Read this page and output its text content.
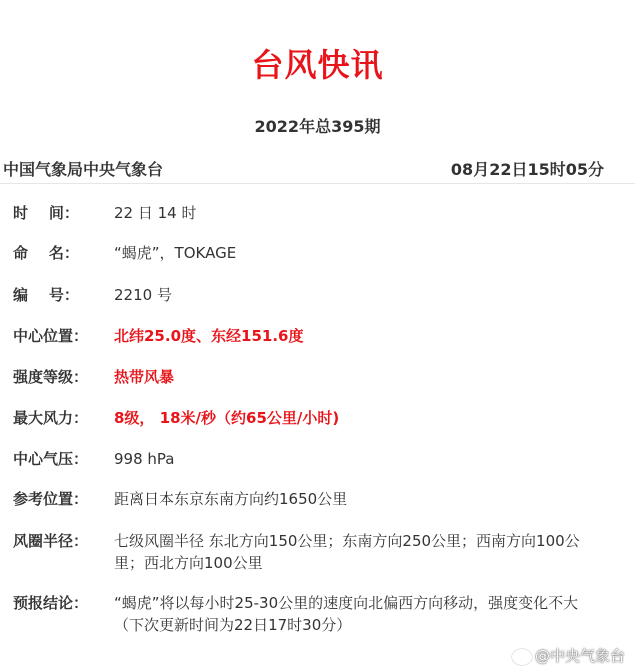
台风快讯
2022年总395期
中国气象局中央气象台	08月22日15时05分
时    间：	22 日 14 时
命    名：	“蝎虎”，TOKAGE
编    号：	2210 号
中心位置：	北纬25.0度、东经151.6度
强度等级：	热带风暴
最大风力：	8级， 18米/秒（约65公里/小时)
中心气压：	998 hPa
参考位置：	距离日本东京东南方向约1650公里
风圈半径：	七级风圈半径 东北方向150公里；东南方向250公里；西南方向100公里；西北方向100公里
预报结论：	“蝎虎”将以每小时25-30公里的速度向北偏西方向移动，强度变化不大
（下次更新时间为22日17时30分）
@中央气象台
